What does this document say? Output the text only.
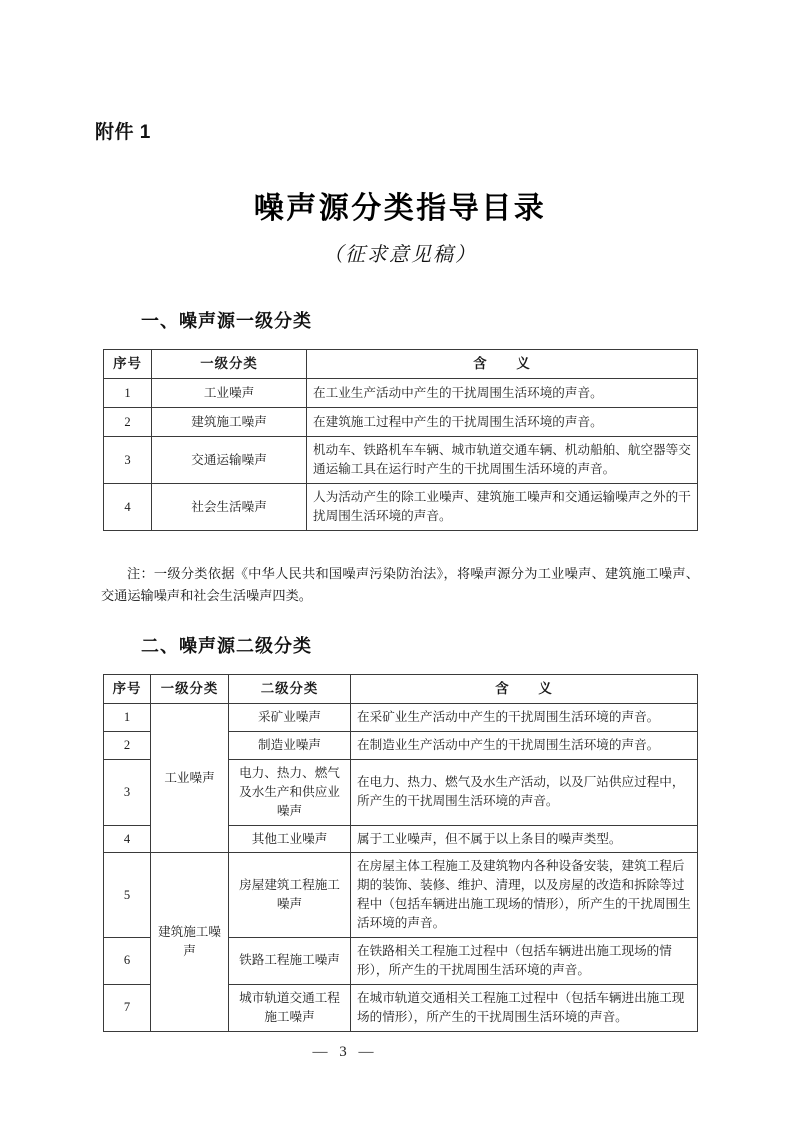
附件 1
噪声源分类指导目录
（征求意见稿）
一、噪声源一级分类
序号	一级分类	含　　义
1	工业噪声	在工业生产活动中产生的干扰周围生活环境的声音。
2	建筑施工噪声	在建筑施工过程中产生的干扰周围生活环境的声音。
3	交通运输噪声	机动车、铁路机车车辆、城市轨道交通车辆、机动船舶、航空器等交通运输工具在运行时产生的干扰周围生活环境的声音。
4	社会生活噪声	人为活动产生的除工业噪声、建筑施工噪声和交通运输噪声之外的干扰周围生活环境的声音。
注：一级分类依据《中华人民共和国噪声污染防治法》，将噪声源分为工业噪声、建筑施工噪声、交通运输噪声和社会生活噪声四类。
二、噪声源二级分类
序号	一级分类	二级分类	含　　义
1	工业噪声	采矿业噪声	在采矿业生产活动中产生的干扰周围生活环境的声音。
2		制造业噪声	在制造业生产活动中产生的干扰周围生活环境的声音。
3		电力、热力、燃气及水生产和供应业噪声	在电力、热力、燃气及水生产活动，以及厂站供应过程中，所产生的干扰周围生活环境的声音。
4		其他工业噪声	属于工业噪声，但不属于以上条目的噪声类型。
5	建筑施工噪声	房屋建筑工程施工噪声	在房屋主体工程施工及建筑物内各种设备安装，建筑工程后期的装饰、装修、维护、清理，以及房屋的改造和拆除等过程中（包括车辆进出施工现场的情形），所产生的干扰周围生活环境的声音。
6		铁路工程施工噪声	在铁路相关工程施工过程中（包括车辆进出施工现场的情形），所产生的干扰周围生活环境的声音。
7		城市轨道交通工程施工噪声	在城市轨道交通相关工程施工过程中（包括车辆进出施工现场的情形），所产生的干扰周围生活环境的声音。
— 3 —
